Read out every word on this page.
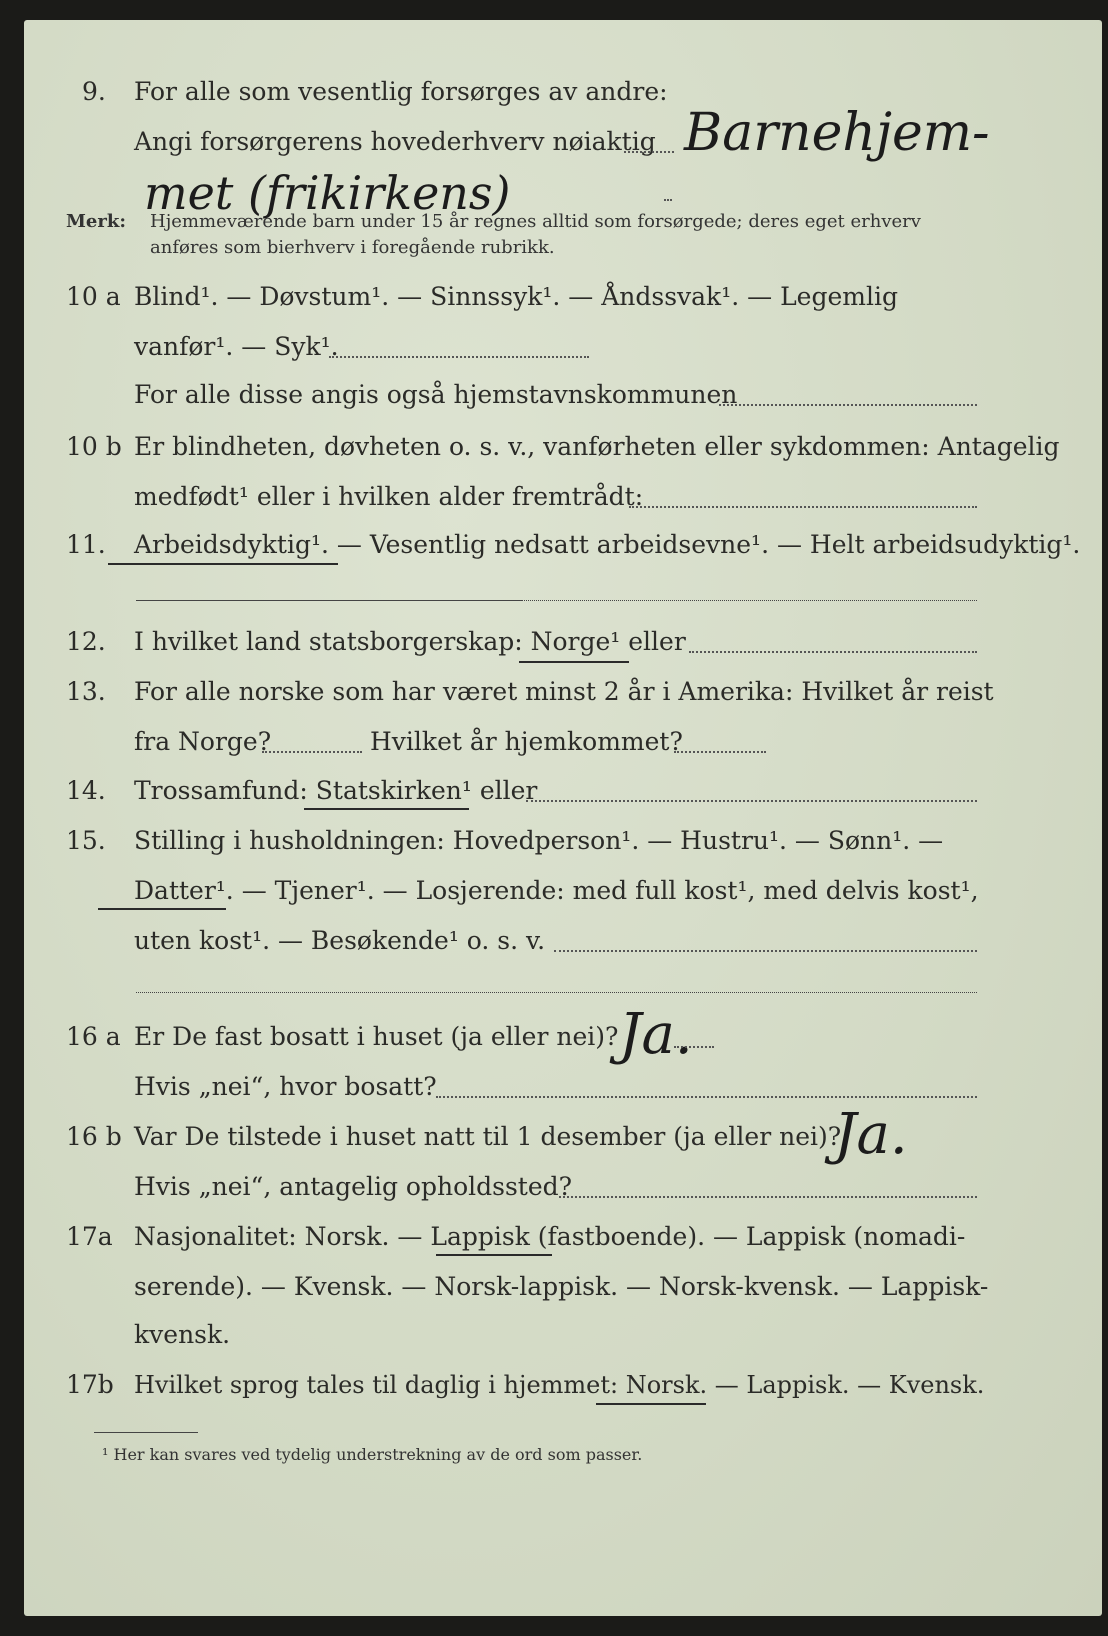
9. For alle som vesentlig forsørges av andre:
Angi forsørgerens hovederhverv nøiaktig Barnehjem-
met (frikirkens)
Merk: Hjemmeværende barn under 15 år regnes alltid som forsørgede; deres eget erhverv
anføres som bierhverv i foregående rubrikk.
10 a Blind¹. — Døvstum¹. — Sinnssyk¹. — Åndssvak¹. — Legemlig
vanfør¹. — Syk¹.
For alle disse angis også hjemstavnskommunen
10 b Er blindheten, døvheten o. s. v., vanførheten eller sykdommen: Antagelig
medfødt¹ eller i hvilken alder fremtrådt:
11. Arbeidsdyktig¹. — Vesentlig nedsatt arbeidsevne¹. — Helt arbeidsudyktig¹.
12. I hvilket land statsborgerskap: Norge¹ eller
13. For alle norske som har været minst 2 år i Amerika: Hvilket år reist
fra Norge?	Hvilket år hjemkommet?
14. Trossamfund: Statskirken¹ eller
15. Stilling i husholdningen: Hovedperson¹. — Hustru¹. — Sønn¹. —
Datter¹. — Tjener¹. — Losjerende: med full kost¹, med delvis kost¹,
uten kost¹. — Besøkende¹ o. s. v.
16 a Er De fast bosatt i huset (ja eller nei)? Ja.
Hvis „nei“, hvor bosatt?
16 b Var De tilstede i huset natt til 1 desember (ja eller nei)?
Ja.
Hvis „nei“, antagelig opholdssted?
17a Nasjonalitet: Norsk. — Lappisk (fastboende). — Lappisk (nomadi-
serende). — Kvensk. — Norsk-lappisk. — Norsk-kvensk. — Lappisk-
kvensk.
17b Hvilket sprog tales til daglig i hjemmet: Norsk. — Lappisk. — Kvensk.
¹ Her kan svares ved tydelig understrekning av de ord som passer.
